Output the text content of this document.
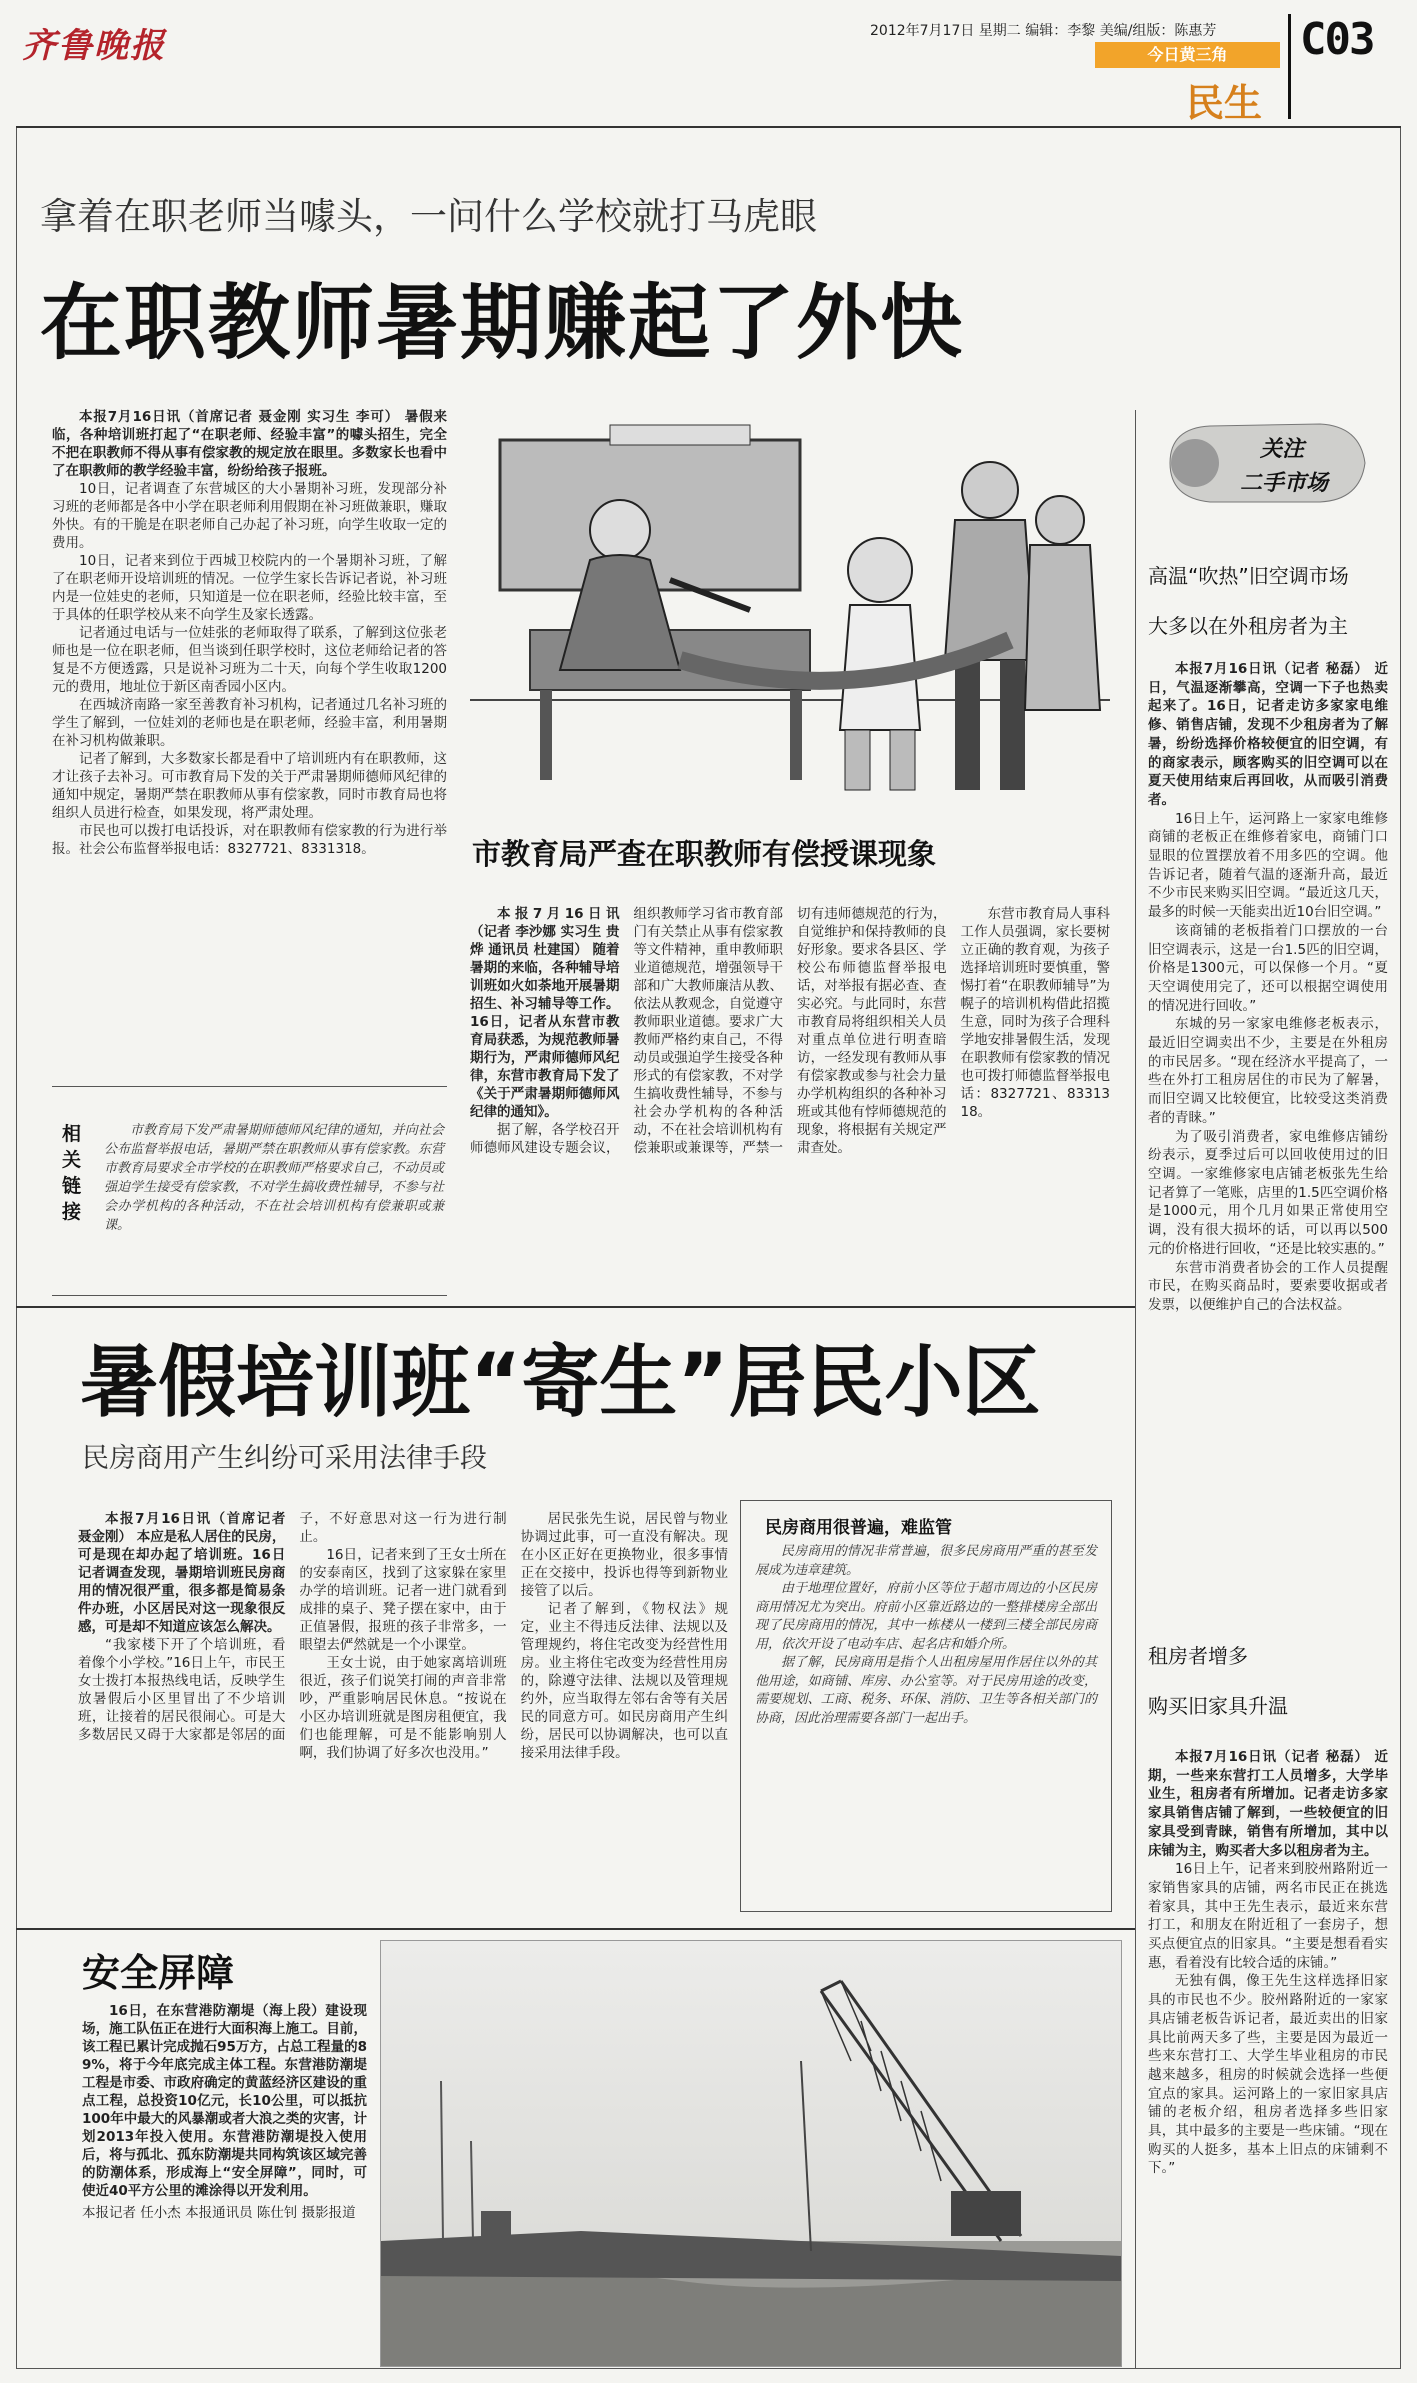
齐鲁晚报	2012年7月17日 星期二 编辑：李黎 美编/组版：陈惠芳
今日黄三角
民生
C03
拿着在职老师当噱头，一问什么学校就打马虎眼
在职教师暑期赚起了外快

本报7月16日讯（首席记者 聂金刚 实习生 李可） 暑假来临，各种培训班打起了“在职老师、经验丰富”的噱头招生，完全不把在职教师不得从事有偿家教的规定放在眼里。多数家长也看中了在职教师的教学经验丰富，纷纷给孩子报班。

10日，记者调查了东营城区的大小暑期补习班，发现部分补习班的老师都是各中小学在职老师利用假期在补习班做兼职，赚取外快。有的干脆是在职老师自己办起了补习班，向学生收取一定的费用。

10日，记者来到位于西城卫校院内的一个暑期补习班，了解了在职老师开设培训班的情况。一位学生家长告诉记者说，补习班内是一位娃史的老师，只知道是一位在职老师，经验比较丰富，至于具体的任职学校从来不向学生及家长透露。

记者通过电话与一位娃张的老师取得了联系，了解到这位张老师也是一位在职老师，但当谈到任职学校时，这位老师给记者的答复是不方便透露，只是说补习班为二十天，向每个学生收取1200元的费用，地址位于新区南香园小区内。

在西城济南路一家至善教育补习机构，记者通过几名补习班的学生了解到，一位娃刘的老师也是在职老师，经验丰富，利用暑期在补习机构做兼职。

记者了解到，大多数家长都是看中了培训班内有在职教师，这才让孩子去补习。可市教育局下发的关于严肃暑期师德师风纪律的通知中规定，暑期严禁在职教师从事有偿家教，同时市教育局也将组织人员进行检查，如果发现，将严肃处理。

市民也可以拨打电话投诉，对在职教师有偿家教的行为进行举报。社会公布监督举报电话：8327721、8331318。

相关链接
市教育局下发严肃暑期师德师风纪律的通知，并向社会公布监督举报电话，暑期严禁在职教师从事有偿家教。东营市教育局要求全市学校的在职教师严格要求自己，不动员或强迫学生接受有偿家教，不对学生搞收费性辅导，不参与社会办学机构的各种活动，不在社会培训机构有偿兼职或兼课。
市教育局严查在职教师有偿授课现象

本报7月16日讯（记者 李沙娜 实习生 贵烨 通讯员 杜建国） 随着暑期的来临，各种辅导培训班如火如荼地开展暑期招生、补习辅导等工作。16日，记者从东营市教育局获悉，为规范教师暑期行为，严肃师德师风纪律，东营市教育局下发了《关于严肃暑期师德师风纪律的通知》。

据了解，各学校召开师德师风建设专题会议，组织教师学习省市教育部门有关禁止从事有偿家教等文件精神，重申教师职业道德规范，增强领导干部和广大教师廉洁从教、依法从教观念，自觉遵守教师职业道德。要求广大教师严格约束自己，不得动员或强迫学生接受各种形式的有偿家教，不对学生搞收费性辅导，不参与社会办学机构的各种活动，不在社会培训机构有偿兼职或兼课等，严禁一切有违师德规范的行为，自觉维护和保持教师的良好形象。要求各县区、学校公布师德监督举报电话，对举报有据必查、查实必究。与此同时，东营市教育局将组织相关人员对重点单位进行明查暗访，一经发现有教师从事有偿家教或参与社会力量办学机构组织的各种补习班或其他有悖师德规范的现象，将根据有关规定严肃查处。

东营市教育局人事科工作人员强调，家长要树立正确的教育观，为孩子选择培训班时要慎重，警惕打着“在职教师辅导”为幌子的培训机构借此招揽生意，同时为孩子合理科学地安排暑假生活，发现在职教师有偿家教的情况也可拨打师德监督举报电话：8327721、8331318。

暑假培训班“寄生”居民小区
民房商用产生纠纷可采用法律手段

本报7月16日讯（首席记者 聂金刚） 本应是私人居住的民房，可是现在却办起了培训班。16日记者调查发现，暑期培训班民房商用的情况很严重，很多都是简易条件办班，小区居民对这一现象很反感，可是却不知道应该怎么解决。

“我家楼下开了个培训班，看着像个小学校。”16日上午，市民王女士拨打本报热线电话，反映学生放暑假后小区里冒出了不少培训班，让接着的居民很闹心。可是大多数居民又碍于大家都是邻居的面子，不好意思对这一行为进行制止。

16日，记者来到了王女士所在的安泰南区，找到了这家躲在家里办学的培训班。记者一进门就看到成排的桌子、凳子摆在家中，由于正值暑假，报班的孩子非常多，一眼望去俨然就是一个小课堂。

王女士说，由于她家离培训班很近，孩子们说笑打闹的声音非常吵，严重影响居民休息。“按说在小区办培训班就是图房租便宜，我们也能理解，可是不能影响别人啊，我们协调了好多次也没用。”

居民张先生说，居民曾与物业协调过此事，可一直没有解决。现在小区正好在更换物业，很多事情正在交接中，投诉也得等到新物业接管了以后。

记者了解到，《物权法》规定，业主不得违反法律、法规以及管理规约，将住宅改变为经营性用房。业主将住宅改变为经营性用房的，除遵守法律、法规以及管理规约外，应当取得左邻右舍等有关居民的同意方可。如民房商用产生纠纷，居民可以协调解决，也可以直接采用法律手段。

民房商用很普遍，难监管

民房商用的情况非常普遍，很多民房商用严重的甚至发展成为违章建筑。

由于地理位置好，府前小区等位于超市周边的小区民房商用情况尤为突出。府前小区靠近路边的一整排楼房全部出现了民房商用的情况，其中一栋楼从一楼到三楼全部民房商用，依次开设了电动车店、起名店和婚介所。

据了解，民房商用是指个人出租房屋用作居住以外的其他用途，如商铺、库房、办公室等。对于民房用途的改变，需要规划、工商、税务、环保、消防、卫生等各相关部门的协商，因此治理需要各部门一起出手。

安全屏障

16日，在东营港防潮堤（海上段）建设现场，施工队伍正在进行大面积海上施工。目前，该工程已累计完成抛石95万方，占总工程量的89%，将于今年底完成主体工程。东营港防潮堤工程是市委、市政府确定的黄蓝经济区建设的重点工程，总投资10亿元，长10公里，可以抵抗100年中最大的风暴潮或者大浪之类的灾害，计划2013年投入使用。东营港防潮堤投入使用后，将与孤北、孤东防潮堤共同构筑该区域完善的防潮体系，形成海上“安全屏障”，同时，可使近40平方公里的滩涂得以开发利用。

本报记者 任小杰 本报通讯员 陈仕钊 摄影报道

关注
二手市场
高温“吹热”旧空调市场
大多以在外租房者为主

本报7月16日讯（记者 秘磊） 近日，气温逐渐攀高，空调一下子也热卖起来了。16日，记者走访多家家电维修、销售店铺，发现不少租房者为了解暑，纷纷选择价格较便宜的旧空调，有的商家表示，顾客购买的旧空调可以在夏天使用结束后再回收，从而吸引消费者。

16日上午，运河路上一家家电维修商铺的老板正在维修着家电，商铺门口显眼的位置摆放着不用多匹的空调。他告诉记者，随着气温的逐渐升高，最近不少市民来购买旧空调。“最近这几天，最多的时候一天能卖出近10台旧空调。”

该商铺的老板指着门口摆放的一台旧空调表示，这是一台1.5匹的旧空调，价格是1300元，可以保修一个月。“夏天空调使用完了，还可以根据空调使用的情况进行回收。”

东城的另一家家电维修老板表示，最近旧空调卖出不少，主要是在外租房的市民居多。“现在经济水平提高了，一些在外打工租房居住的市民为了解暑，而旧空调又比较便宜，比较受这类消费者的青睐。”

为了吸引消费者，家电维修店铺纷纷表示，夏季过后可以回收使用过的旧空调。一家维修家电店铺老板张先生给记者算了一笔账，店里的1.5匹空调价格是1000元，用个几月如果正常使用空调，没有很大损坏的话，可以再以500元的价格进行回收，“还是比较实惠的。”

东营市消费者协会的工作人员提醒市民，在购买商品时，要索要收据或者发票，以便维护自己的合法权益。

租房者增多
购买旧家具升温

本报7月16日讯（记者 秘磊） 近期，一些来东营打工人员增多，大学毕业生，租房者有所增加。记者走访多家家具销售店铺了解到，一些较便宜的旧家具受到青睐，销售有所增加，其中以床铺为主，购买者大多以租房者为主。

16日上午，记者来到胶州路附近一家销售家具的店铺，两名市民正在挑选着家具，其中王先生表示，最近来东营打工，和朋友在附近租了一套房子，想买点便宜点的旧家具。“主要是想看看实惠，看着没有比较合适的床铺。”

无独有偶，像王先生这样选择旧家具的市民也不少。胶州路附近的一家家具店铺老板告诉记者，最近卖出的旧家具比前两天多了些，主要是因为最近一些来东营打工、大学生毕业租房的市民越来越多，租房的时候就会选择一些便宜点的家具。运河路上的一家旧家具店铺的老板介绍，租房者选择多些旧家具，其中最多的主要是一些床铺。“现在购买的人挺多，基本上旧点的床铺剩不下。”
